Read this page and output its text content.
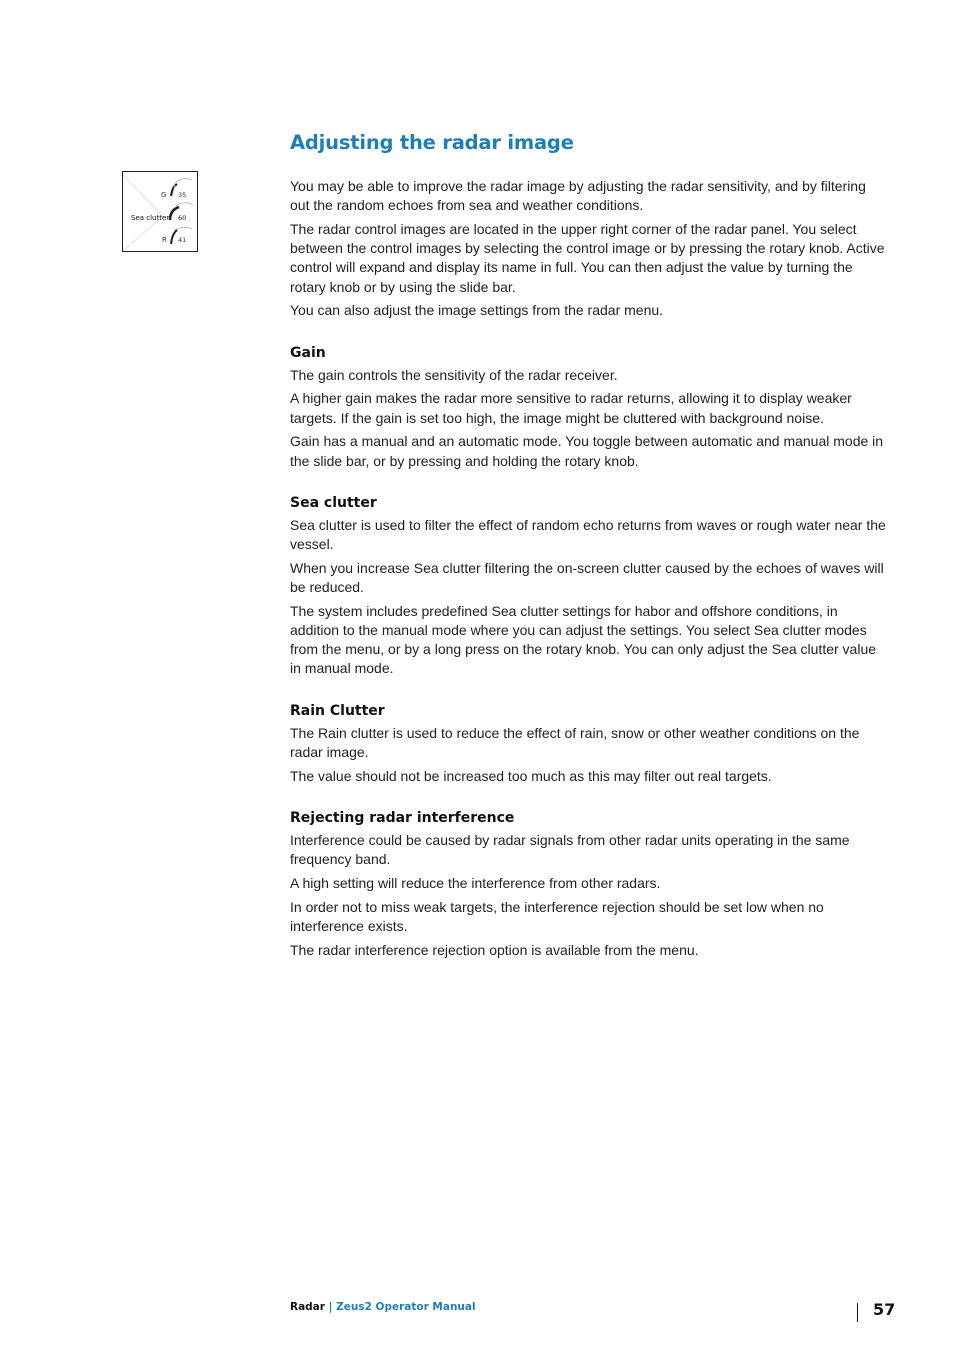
Adjusting the radar image
G 35
Sea clutter 60
R 41

You may be able to improve the radar image by adjusting the radar sensitivity, and by filtering out the random echoes from sea and weather conditions.

The radar control images are located in the upper right corner of the radar panel. You select between the control images by selecting the control image or by pressing the rotary knob. Active control will expand and display its name in full. You can then adjust the value by turning the rotary knob or by using the slide bar.

You can also adjust the image settings from the radar menu.

Gain

The gain controls the sensitivity of the radar receiver.

A higher gain makes the radar more sensitive to radar returns, allowing it to display weaker targets. If the gain is set too high, the image might be cluttered with background noise.

Gain has a manual and an automatic mode. You toggle between automatic and manual mode in the slide bar, or by pressing and holding the rotary knob.

Sea clutter

Sea clutter is used to filter the effect of random echo returns from waves or rough water near the vessel.

When you increase Sea clutter filtering the on-screen clutter caused by the echoes of waves will be reduced.

The system includes predefined Sea clutter settings for habor and offshore conditions, in addition to the manual mode where you can adjust the settings. You select Sea clutter modes from the menu, or by a long press on the rotary knob. You can only adjust the Sea clutter value in manual mode.

Rain Clutter

The Rain clutter is used to reduce the effect of rain, snow or other weather conditions on the radar image.

The value should not be increased too much as this may filter out real targets.

Rejecting radar interference

Interference could be caused by radar signals from other radar units operating in the same frequency band.

A high setting will reduce the interference from other radars.

In order not to miss weak targets, the interference rejection should be set low when no interference exists.

The radar interference rejection option is available from the menu.

Radar | Zeus2 Operator Manual	57
